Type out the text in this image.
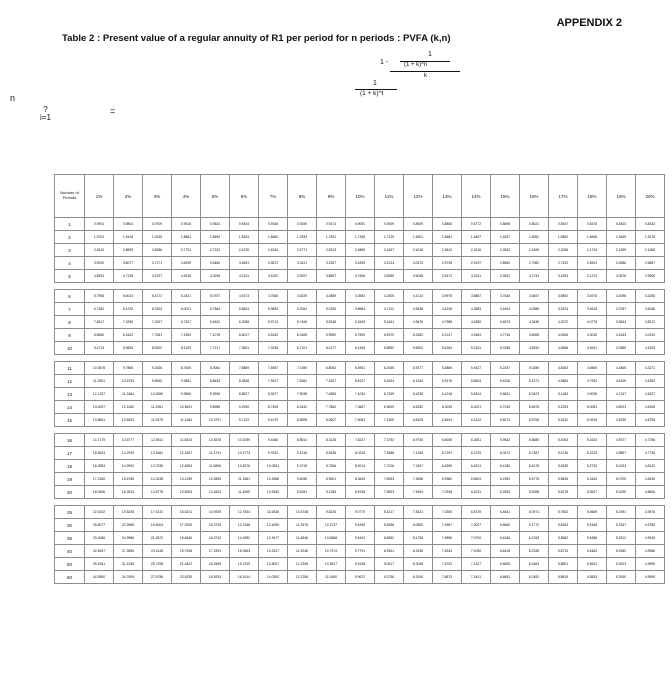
APPENDIX 2
Table 2 : Present value of a regular annuity of R1 per period for n periods : PVFA (k,n)
1 -
1
(1 + k)^n
k
1
(1 + k)^t
n
?
i=1
=
Number of Periods	1%	2%	3%	4%	5%	6%	7%	8%	9%	10%	11%	12%	13%	14%	15%	16%	17%	18%	19%	20%
1	0.9901	0.9804	0.9709	0.9615	0.9524	0.9434	0.9346	0.9259	0.9174	0.9091	0.9009	0.8929	0.8850	0.8772	0.8696	0.8621	0.8547	0.8475	0.8403	0.8333
2	1.9704	1.9416	1.9135	1.8861	1.8594	1.8334	1.8080	1.7833	1.7591	1.7355	1.7125	1.6901	1.6681	1.6467	1.6257	1.6052	1.5852	1.5656	1.5465	1.5278
3	2.9410	2.8839	2.8286	2.7751	2.7232	2.6730	2.6243	2.5771	2.5313	2.4869	2.4437	2.4018	2.3612	2.3216	2.2832	2.2459	2.2096	2.1743	2.1399	2.1065
4	3.9020	3.8077	3.7171	3.6299	3.5460	3.4651	3.3872	3.3121	3.2397	3.1699	3.1024	3.0373	2.9745	2.9137	2.8550	2.7982	2.7432	2.6901	2.6386	2.5887
5	4.8534	4.7135	4.5797	4.4518	4.3295	4.2124	4.1002	3.9927	3.8897	3.7908	3.6959	3.6048	3.5172	3.4331	3.3522	3.2743	3.1993	3.1272	3.0576	2.9906

6	5.7955	5.6014	5.4172	5.2421	5.0757	4.9173	4.7665	4.6229	4.4859	4.3553	4.2305	4.1114	3.9975	3.8887	3.7845	3.6847	3.5892	3.4976	3.4098	3.3255
7	6.7282	6.4720	6.2303	6.0021	5.7864	5.5824	5.3893	5.2064	5.0330	4.8684	4.7122	4.5638	4.4226	4.2883	4.1604	4.0386	3.9224	3.8115	3.7057	3.6046
8	7.6517	7.3255	7.0197	6.7327	6.4632	6.2098	5.9713	5.7466	5.5348	5.3349	5.1461	4.9676	4.7988	4.6389	4.4873	4.3436	4.2072	4.0776	3.9544	3.8372
9	8.5660	8.1622	7.7861	7.4353	7.1078	6.8017	6.5152	6.2469	5.9952	5.7590	5.5370	5.3282	5.1317	4.9464	4.7716	4.6065	4.4506	4.3030	4.1633	4.0310
10	9.4713	8.9826	8.5302	8.1109	7.7217	7.3601	7.0236	6.7101	6.4177	6.1446	5.8892	5.6502	5.4262	5.2161	5.0188	4.8332	4.6586	4.4941	4.3389	4.1925

11	10.3676	9.7868	9.2526	8.7605	8.3064	7.8869	7.4987	7.1390	6.8052	6.4951	6.2065	5.9377	5.6869	5.4527	5.2337	5.0286	4.8364	4.6560	4.4865	4.3271
12	11.2551	10.5753	9.9540	9.3851	8.8633	8.3838	7.9427	7.5361	7.1607	6.8137	6.4924	6.1944	5.9176	5.6603	5.4206	5.1971	4.9884	4.7932	4.6105	4.4392
13	12.1337	11.3484	10.6350	9.9856	9.3936	8.8527	8.3577	7.9038	7.4869	7.1034	6.7499	6.4235	6.1218	5.8424	5.5831	5.3423	5.1183	4.9095	4.7147	4.5327
14	13.0037	12.1062	11.2961	10.5631	9.8986	9.2950	8.7455	8.2442	7.7862	7.3667	6.9819	6.6282	6.3025	6.0021	5.7245	5.4675	5.2293	5.0081	4.8023	4.6106
15	13.8651	12.8493	11.9379	11.1184	10.3797	9.7122	9.1079	8.5595	8.0607	7.6061	7.1909	6.8109	6.4624	6.1422	5.8474	5.5755	5.3242	5.0916	4.8759	4.6755

16	14.7179	13.5777	12.5611	11.6523	10.8378	10.1059	9.4466	8.8514	8.3126	7.8237	7.3792	6.9740	6.6039	6.2651	5.9542	5.6685	5.4053	5.1624	4.9377	4.7296
17	15.5623	14.2919	13.1661	12.1657	11.2741	10.4773	9.7632	9.1216	8.5436	8.0216	7.5488	7.1196	6.7291	6.3729	6.0472	5.7487	5.4746	5.2223	4.9897	4.7746
18	16.3983	14.9920	13.7535	12.6593	11.6896	10.8276	10.0591	9.3719	8.7556	8.2014	7.7016	7.2497	6.8399	6.4674	6.1280	5.8178	5.5339	5.2732	5.0333	4.8122
19	17.2260	15.6785	14.3238	13.1339	12.0853	11.1581	10.3356	9.6036	8.9501	8.3649	7.8393	7.3658	6.9380	6.5504	6.1982	5.8775	5.5845	5.3162	5.0700	4.8435
20	18.0456	16.3514	14.8775	13.5903	12.4622	11.4699	10.5940	9.8181	9.1285	8.5136	7.9633	7.4694	7.0248	6.6231	6.2593	5.9288	5.6278	5.3527	5.1009	4.8696

25	22.0232	19.5235	17.4131	15.6221	14.0939	12.7834	11.6536	10.6748	9.8226	9.0770	8.4217	7.8431	7.3300	6.8729	6.4641	6.0971	5.7662	5.4669	5.1951	4.9476
30	25.8077	22.3965	19.6004	17.2920	15.3725	13.7648	12.4090	11.2578	10.2737	9.4269	8.6938	8.0552	7.4957	7.0027	6.5660	6.1772	5.8294	5.5168	5.2347	4.9789
35	29.4086	24.9986	21.4872	18.6646	16.3742	14.4982	12.9477	11.6546	10.5668	9.6442	8.8552	8.1755	7.5856	7.0700	6.6166	6.2153	5.8582	5.5386	5.2512	4.9915
40	32.8347	27.3555	23.1148	19.7928	17.1591	15.0463	13.3317	11.9246	10.7574	9.7791	8.9511	8.2438	7.6344	7.1050	6.6418	6.2335	5.8713	5.5482	5.2582	4.9966
50	39.1961	31.4236	25.7298	21.4822	18.2559	15.7619	13.8007	12.2335	10.9617	9.9148	9.0417	8.3045	7.6752	7.1327	6.6605	6.2463	5.8801	5.5541	5.2623	4.9995
60	44.9550	34.7609	27.6756	22.6235	18.9293	16.1614	14.0392	12.3766	11.0480	9.9672	9.0736	8.3240	7.6873	7.1401	6.6651	6.2492	5.8819	5.5553	5.2630	4.9999
